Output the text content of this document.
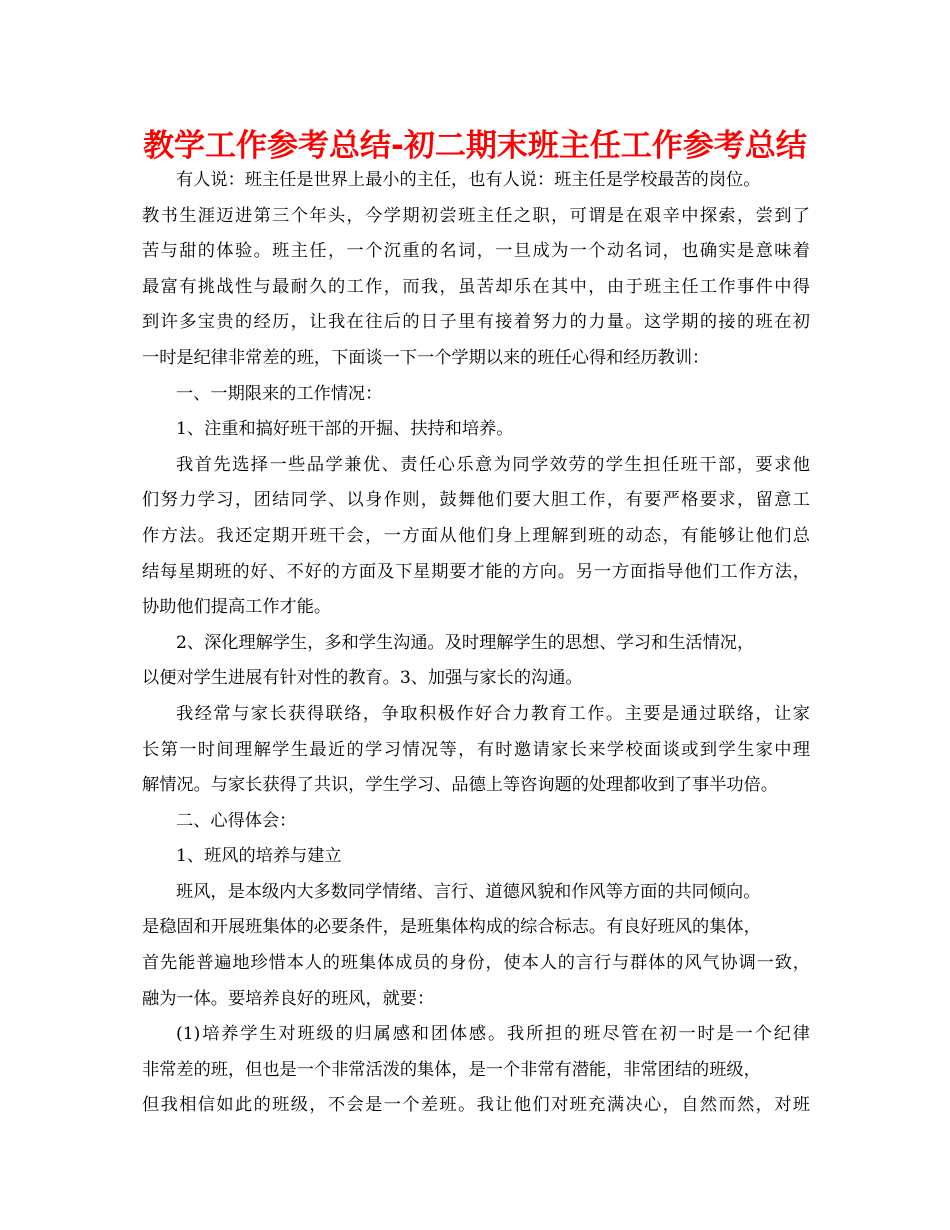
教学工作参考总结-初二期末班主任工作参考总结
有人说：班主任是世界上最小的主任，也有人说：班主任是学校最苦的岗位。
教书生涯迈进第三个年头，今学期初尝班主任之职，可谓是在艰辛中探索，尝到了
苦与甜的体验。班主任，一个沉重的名词，一旦成为一个动名词，也确实是意味着
最富有挑战性与最耐久的工作，而我，虽苦却乐在其中，由于班主任工作事件中得
到许多宝贵的经历，让我在往后的日子里有接着努力的力量。这学期的接的班在初
一时是纪律非常差的班，下面谈一下一个学期以来的班任心得和经历教训：
一、一期限来的工作情况：
1、注重和搞好班干部的开掘、扶持和培养。
我首先选择一些品学兼优、责任心乐意为同学效劳的学生担任班干部，要求他
们努力学习，团结同学、以身作则，鼓舞他们要大胆工作，有要严格要求，留意工
作方法。我还定期开班干会，一方面从他们身上理解到班的动态，有能够让他们总
结每星期班的好、不好的方面及下星期要才能的方向。另一方面指导他们工作方法，
协助他们提高工作才能。
2、深化理解学生，多和学生沟通。及时理解学生的思想、学习和生活情况，
以便对学生进展有针对性的教育。3、加强与家长的沟通。
我经常与家长获得联络，争取积极作好合力教育工作。主要是通过联络，让家
长第一时间理解学生最近的学习情况等，有时邀请家长来学校面谈或到学生家中理
解情况。与家长获得了共识，学生学习、品德上等咨询题的处理都收到了事半功倍。
二、心得体会：
1、班风的培养与建立
班风，是本级内大多数同学情绪、言行、道德风貌和作风等方面的共同倾向。
是稳固和开展班集体的必要条件，是班集体构成的综合标志。有良好班风的集体，
首先能普遍地珍惜本人的班集体成员的身份，使本人的言行与群体的风气协调一致，
融为一体。要培养良好的班风，就要：
(1)培养学生对班级的归属感和团体感。我所担的班尽管在初一时是一个纪律
非常差的班，但也是一个非常活泼的集体，是一个非常有潜能，非常团结的班级，
但我相信如此的班级，不会是一个差班。我让他们对班充满决心，自然而然，对班
